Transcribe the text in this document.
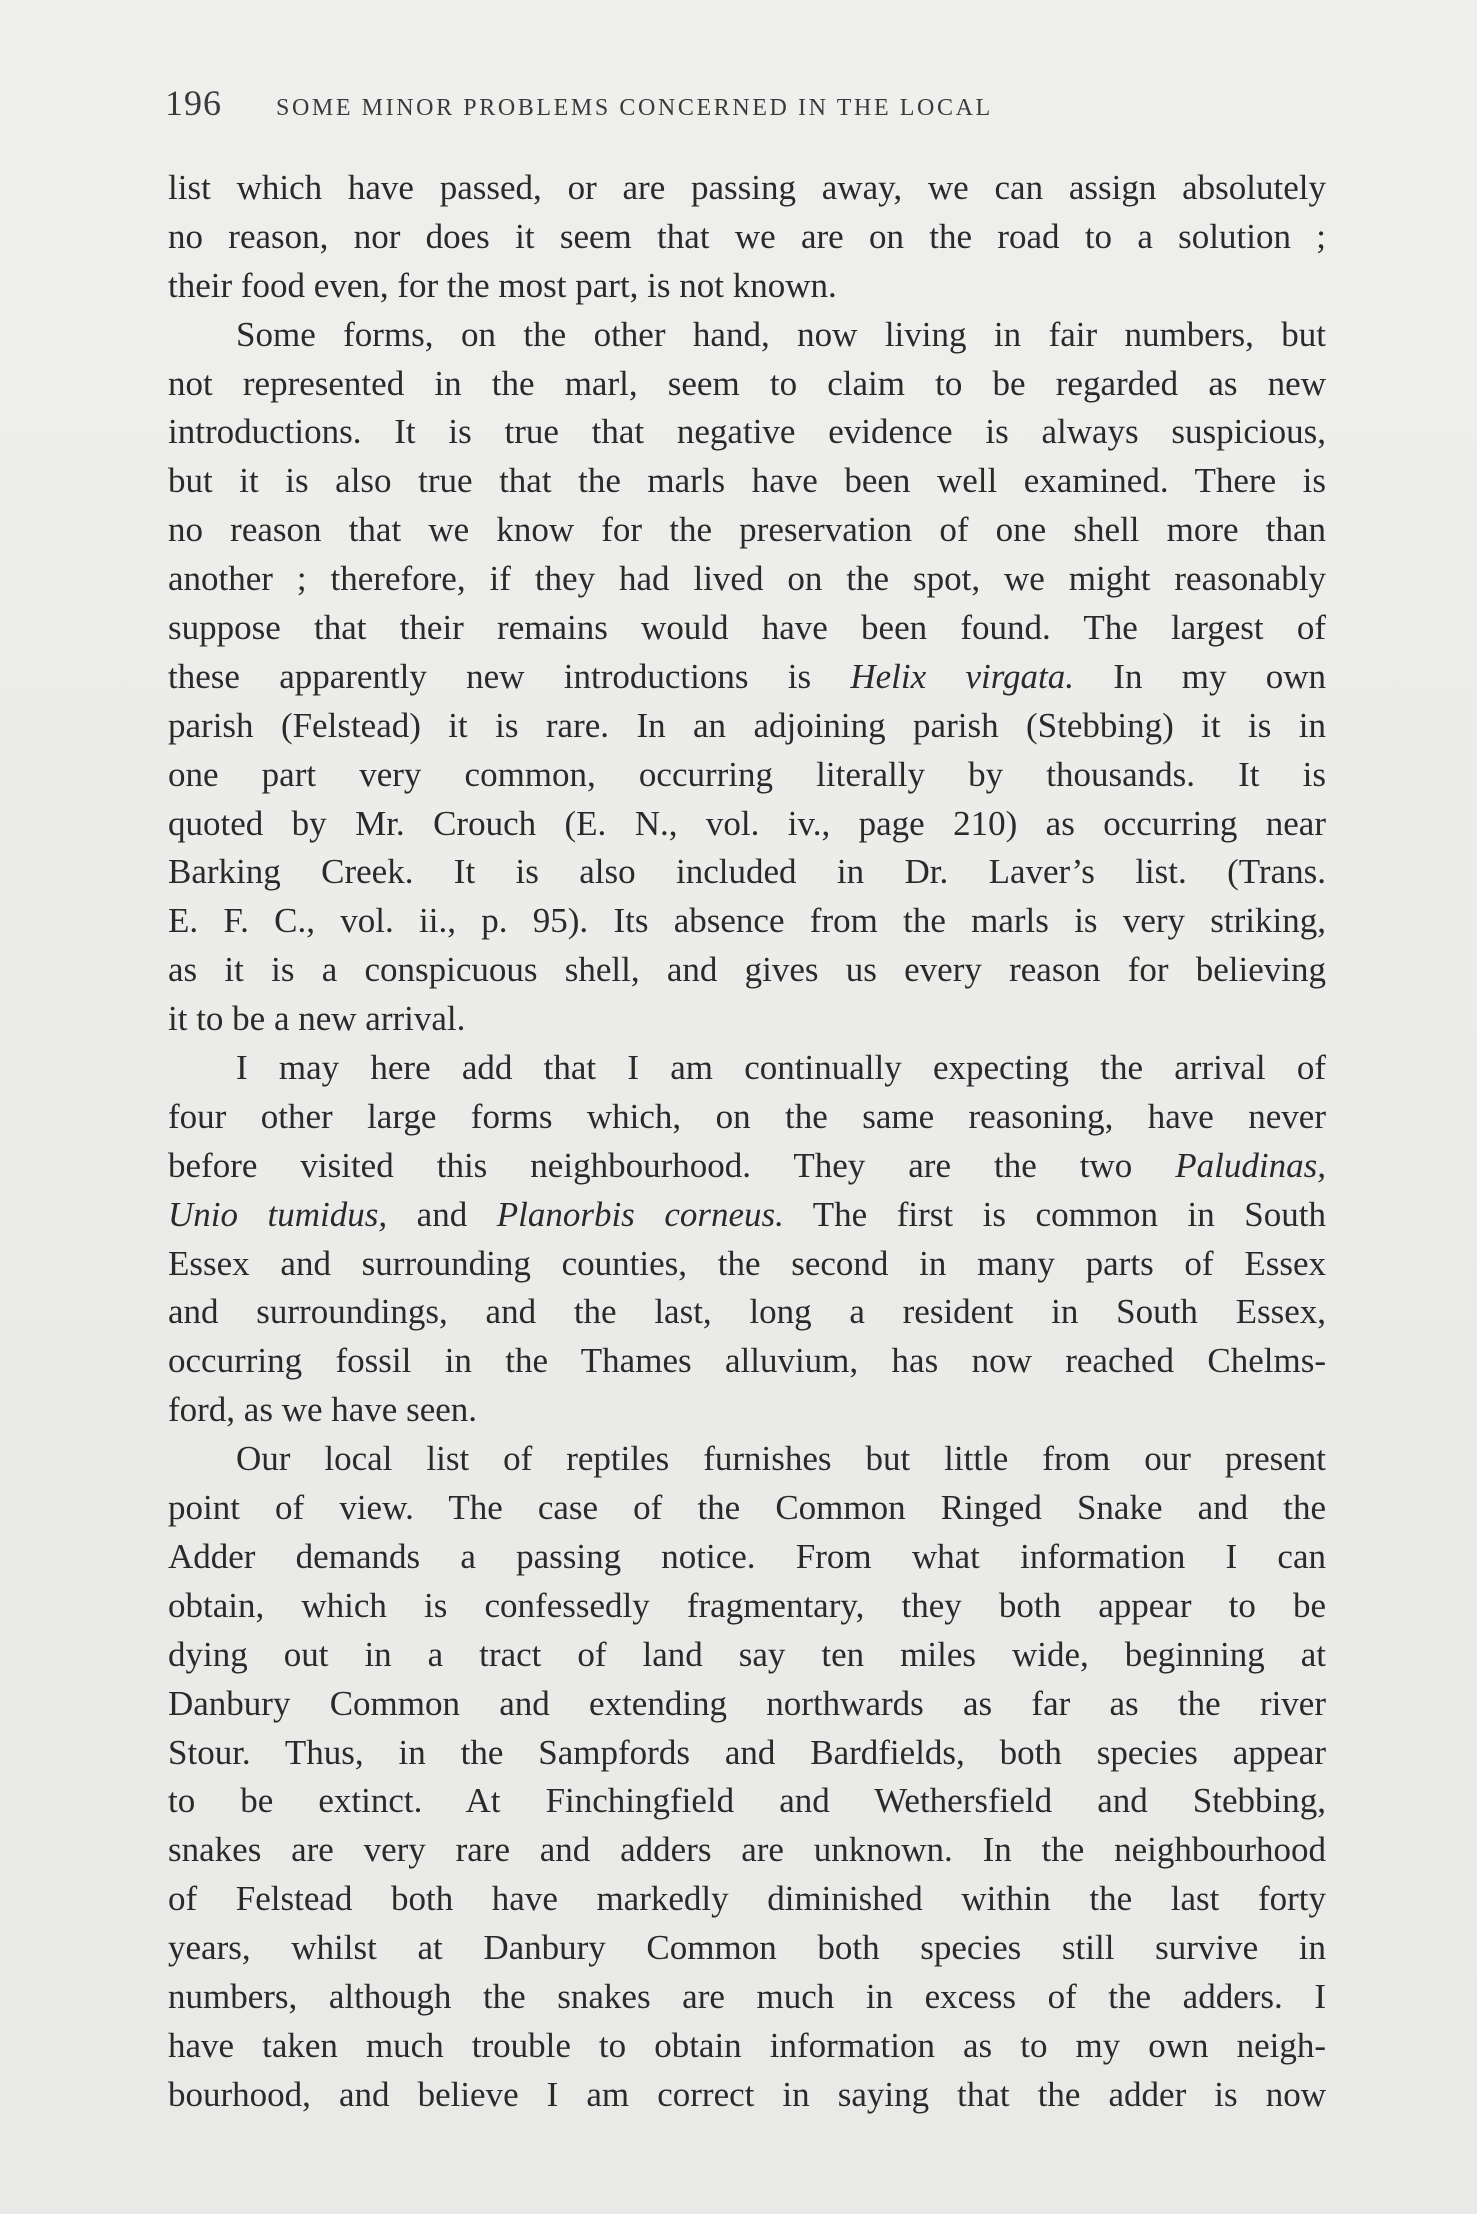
196 SOME MINOR PROBLEMS CONCERNED IN THE LOCAL
list which have passed, or are passing away, we can assign absolutely
no reason, nor does it seem that we are on the road to a solution ;
their food even, for the most part, is not known.
Some forms, on the other hand, now living in fair numbers, but
not represented in the marl, seem to claim to be regarded as new
introductions. It is true that negative evidence is always suspicious,
but it is also true that the marls have been well examined. There is
no reason that we know for the preservation of one shell more than
another ; therefore, if they had lived on the spot, we might reasonably
suppose that their remains would have been found. The largest of
these apparently new introductions is Helix virgata. In my own
parish (Felstead) it is rare. In an adjoining parish (Stebbing) it is in
one part very common, occurring literally by thousands. It is
quoted by Mr. Crouch (E. N., vol. iv., page 210) as occurring near
Barking Creek. It is also included in Dr. Laver’s list. (Trans.
E. F. C., vol. ii., p. 95). Its absence from the marls is very striking,
as it is a conspicuous shell, and gives us every reason for believing
it to be a new arrival.
I may here add that I am continually expecting the arrival of
four other large forms which, on the same reasoning, have never
before visited this neighbourhood. They are the two Paludinas,
Unio tumidus, and Planorbis corneus. The first is common in South
Essex and surrounding counties, the second in many parts of Essex
and surroundings, and the last, long a resident in South Essex,
occurring fossil in the Thames alluvium, has now reached Chelms-
ford, as we have seen.
Our local list of reptiles furnishes but little from our present
point of view. The case of the Common Ringed Snake and the
Adder demands a passing notice. From what information I can
obtain, which is confessedly fragmentary, they both appear to be
dying out in a tract of land say ten miles wide, beginning at
Danbury Common and extending northwards as far as the river
Stour. Thus, in the Sampfords and Bardfields, both species appear
to be extinct. At Finchingfield and Wethersfield and Stebbing,
snakes are very rare and adders are unknown. In the neighbourhood
of Felstead both have markedly diminished within the last forty
years, whilst at Danbury Common both species still survive in
numbers, although the snakes are much in excess of the adders. I
have taken much trouble to obtain information as to my own neigh-
bourhood, and believe I am correct in saying that the adder is now
